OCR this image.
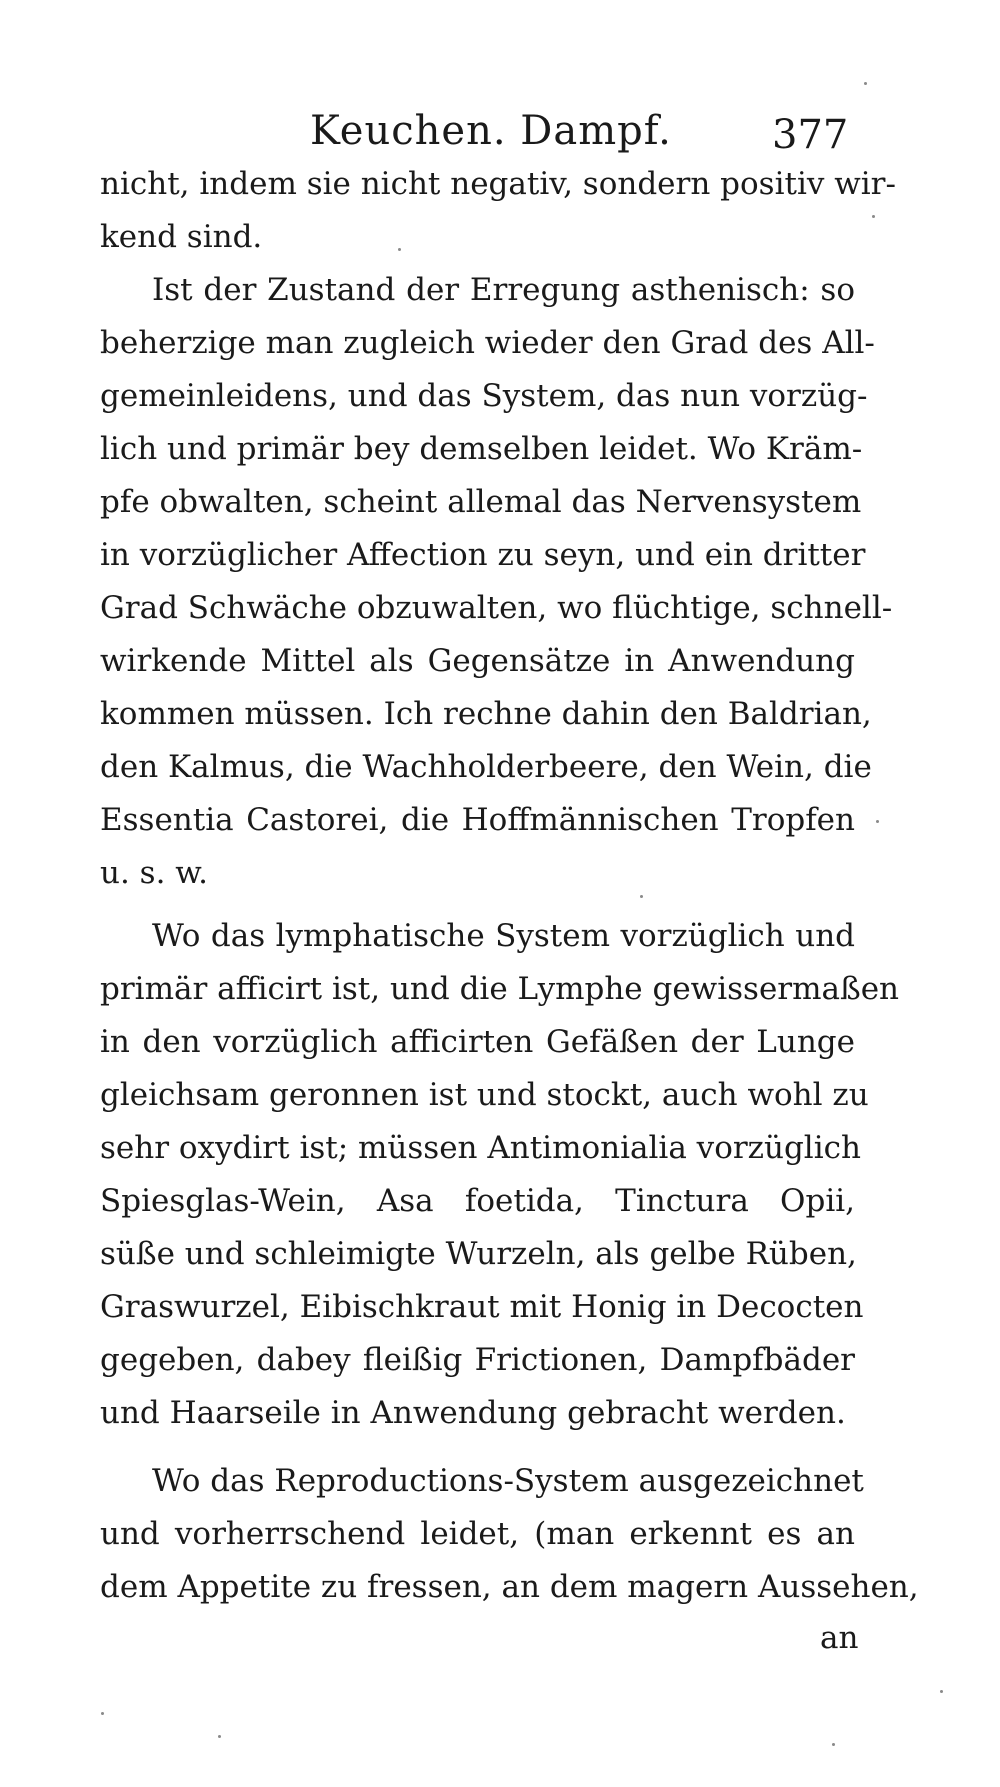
Keuchen. Dampf.	377
nicht, indem sie nicht negativ, sondern positiv wir-
kend sind.
Ist der Zustand der Erregung asthenisch: so
beherzige man zugleich wieder den Grad des All-
gemeinleidens, und das System, das nun vorzüg-
lich und primär bey demselben leidet. Wo Kräm-
pfe obwalten, scheint allemal das Nervensystem
in vorzüglicher Affection zu seyn, und ein dritter
Grad Schwäche obzuwalten, wo flüchtige, schnell-
wirkende Mittel als Gegensätze in Anwendung
kommen müssen. Ich rechne dahin den Baldrian,
den Kalmus, die Wachholderbeere, den Wein, die
Essentia Castorei, die Hoffmännischen Tropfen
u. s. w.
Wo das lymphatische System vorzüglich und
primär afficirt ist, und die Lymphe gewissermaßen
in den vorzüglich afficirten Gefäßen der Lunge
gleichsam geronnen ist und stockt, auch wohl zu
sehr oxydirt ist; müssen Antimonialia vorzüglich
Spiesglas-Wein, Asa foetida, Tinctura Opii,
süße und schleimigte Wurzeln, als gelbe Rüben,
Graswurzel, Eibischkraut mit Honig in Decocten
gegeben, dabey fleißig Frictionen, Dampfbäder
und Haarseile in Anwendung gebracht werden.
Wo das Reproductions-System ausgezeichnet
und vorherrschend leidet, (man erkennt es an
dem Appetite zu fressen, an dem magern Aussehen,
an
